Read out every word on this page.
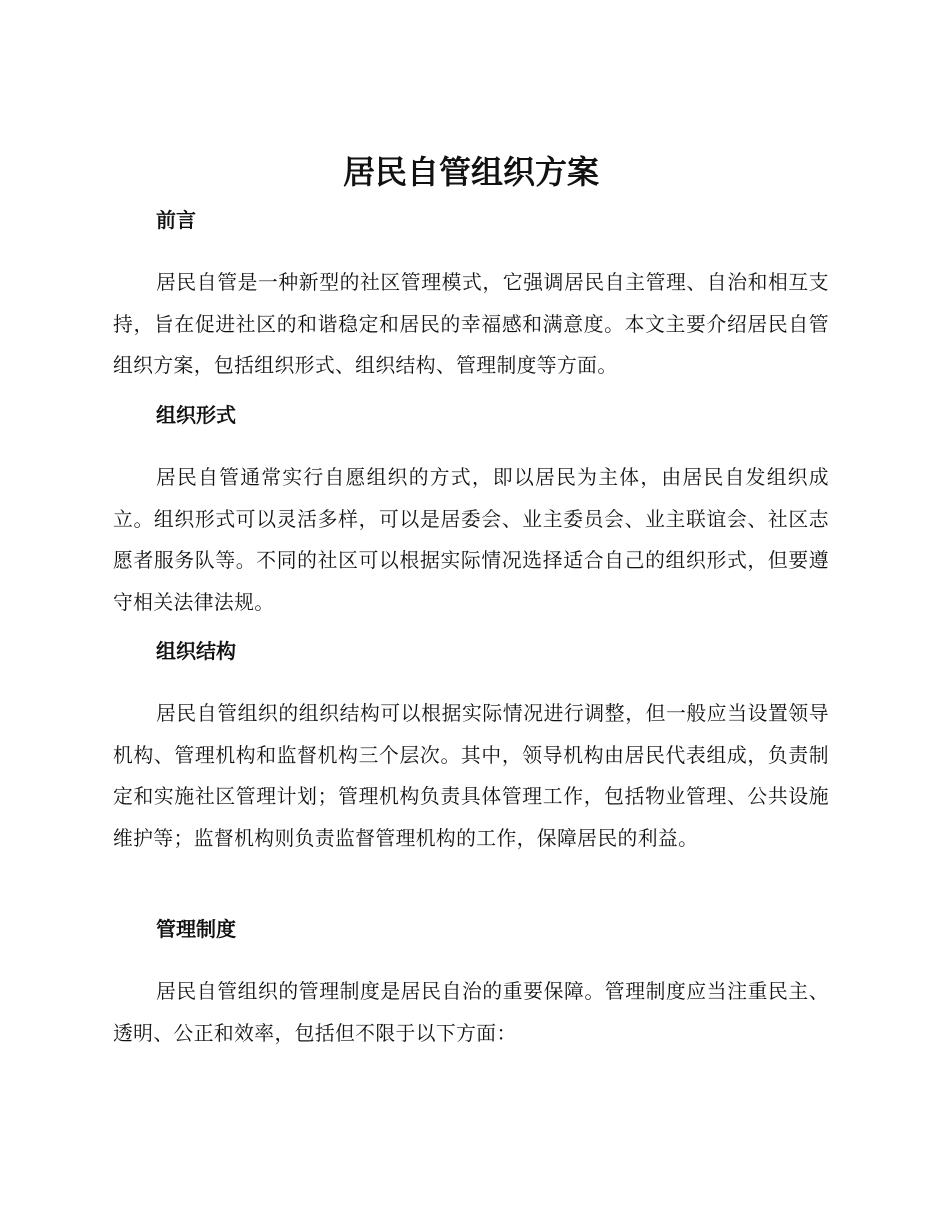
居民自管组织方案
前言

居民自管是一种新型的社区管理模式，它强调居民自主管理、自治和相互支持，旨在促进社区的和谐稳定和居民的幸福感和满意度。本文主要介绍居民自管组织方案，包括组织形式、组织结构、管理制度等方面。

组织形式

居民自管通常实行自愿组织的方式，即以居民为主体，由居民自发组织成立。组织形式可以灵活多样，可以是居委会、业主委员会、业主联谊会、社区志愿者服务队等。不同的社区可以根据实际情况选择适合自己的组织形式，但要遵守相关法律法规。

组织结构

居民自管组织的组织结构可以根据实际情况进行调整，但一般应当设置领导机构、管理机构和监督机构三个层次。其中，领导机构由居民代表组成，负责制定和实施社区管理计划；管理机构负责具体管理工作，包括物业管理、公共设施维护等；监督机构则负责监督管理机构的工作，保障居民的利益。

管理制度

居民自管组织的管理制度是居民自治的重要保障。管理制度应当注重民主、透明、公正和效率，包括但不限于以下方面：
